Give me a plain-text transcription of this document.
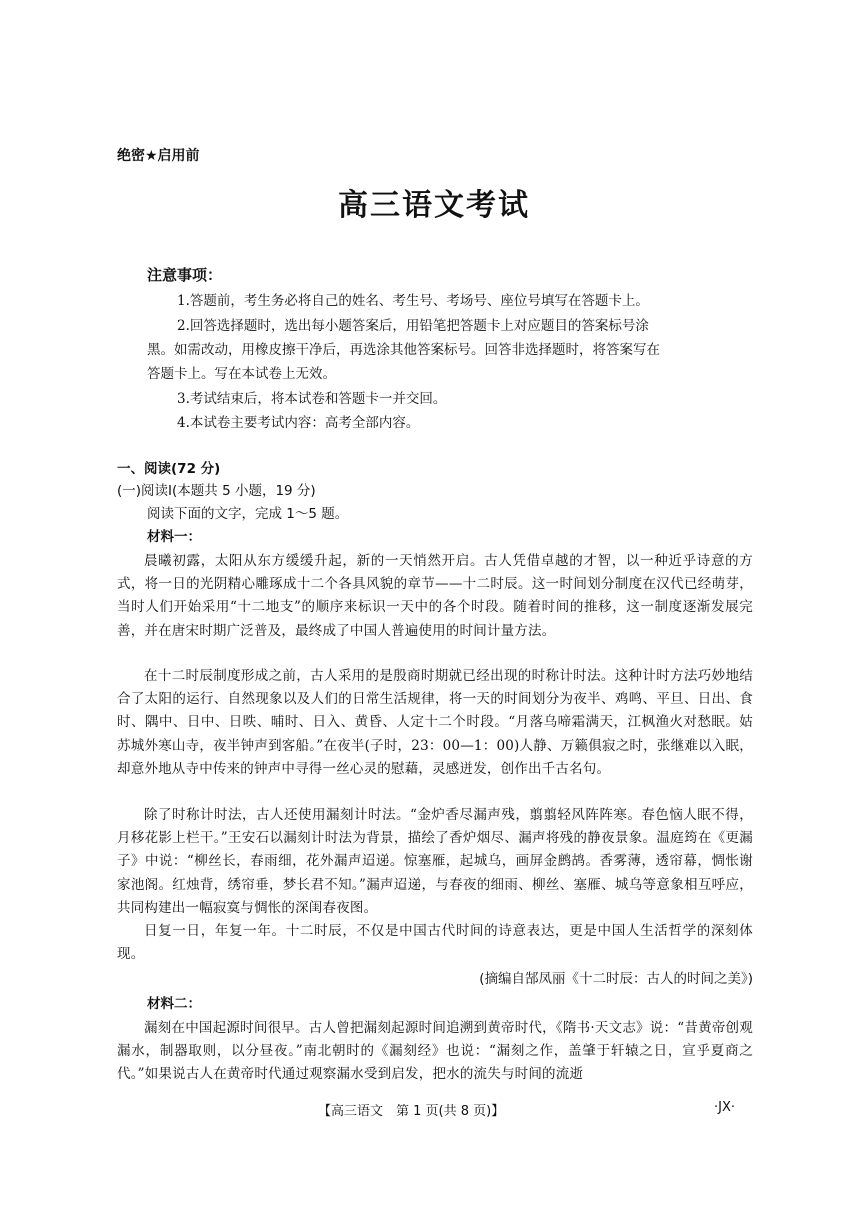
绝密★启用前
高三语文考试
注意事项：
1.答题前，考生务必将自己的姓名、考生号、考场号、座位号填写在答题卡上。
2.回答选择题时，选出每小题答案后，用铅笔把答题卡上对应题目的答案标号涂
黑。如需改动，用橡皮擦干净后，再选涂其他答案标号。回答非选择题时，将答案写在
答题卡上。写在本试卷上无效。
3.考试结束后，将本试卷和答题卡一并交回。
4.本试卷主要考试内容：高考全部内容。
一、阅读(72 分)
(一)阅读Ⅰ(本题共 5 小题，19 分)
阅读下面的文字，完成 1～5 题。
材料一：
晨曦初露，太阳从东方缓缓升起，新的一天悄然开启。古人凭借卓越的才智，以一种近乎诗意的方式，将一日的光阴精心雕琢成十二个各具风貌的章节——十二时辰。这一时间划分制度在汉代已经萌芽，当时人们开始采用“十二地支”的顺序来标识一天中的各个时段。随着时间的推移，这一制度逐渐发展完善，并在唐宋时期广泛普及，最终成了中国人普遍使用的时间计量方法。
在十二时辰制度形成之前，古人采用的是殷商时期就已经出现的时称计时法。这种计时方法巧妙地结合了太阳的运行、自然现象以及人们的日常生活规律，将一天的时间划分为夜半、鸡鸣、平旦、日出、食时、隅中、日中、日昳、晡时、日入、黄昏、人定十二个时段。“月落乌啼霜满天，江枫渔火对愁眠。姑苏城外寒山寺，夜半钟声到客船。”在夜半(子时，23：00—1：00)人静、万籁俱寂之时，张继难以入眠，却意外地从寺中传来的钟声中寻得一丝心灵的慰藉，灵感迸发，创作出千古名句。
除了时称计时法，古人还使用漏刻计时法。“金炉香尽漏声残，翦翦轻风阵阵寒。春色恼人眠不得，月移花影上栏干。”王安石以漏刻计时法为背景，描绘了香炉烟尽、漏声将残的静夜景象。温庭筠在《更漏子》中说：“柳丝长，春雨细，花外漏声迢递。惊塞雁，起城乌，画屏金鹧鸪。香雾薄，透帘幕，惆怅谢家池阁。红烛背，绣帘垂，梦长君不知。”漏声迢递，与春夜的细雨、柳丝、塞雁、城乌等意象相互呼应，共同构建出一幅寂寞与惆怅的深闺春夜图。
日复一日，年复一年。十二时辰，不仅是中国古代时间的诗意表达，更是中国人生活哲学的深刻体现。
(摘编自郜凤丽《十二时辰：古人的时间之美》)
材料二：
漏刻在中国起源时间很早。古人曾把漏刻起源时间追溯到黄帝时代，《隋书·天文志》说：“昔黄帝创观漏水，制器取则，以分昼夜。”南北朝时的《漏刻经》也说：“漏刻之作，盖肇于轩辕之日，宣乎夏商之代。”如果说古人在黄帝时代通过观察漏水受到启发，把水的流失与时间的流逝
【高三语文　第 1 页(共 8 页)】	·JX·
